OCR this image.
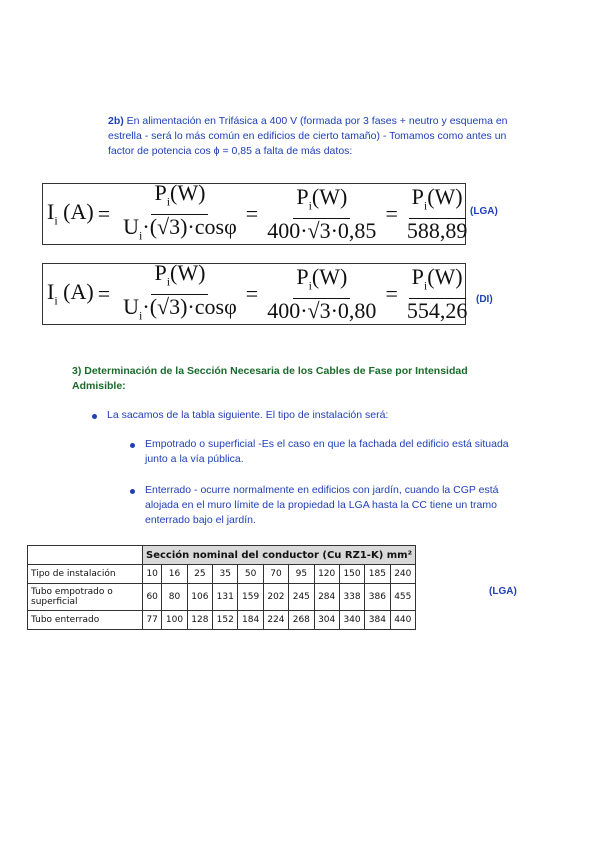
2b) En alimentación en Trifásica a 400 V (formada por 3 fases + neutro y esquema en estrella - será lo más común en edificios de cierto tamaño) - Tomamos como antes un factor de potencia cos ϕ = 0,85 a falta de más datos:
$I_i$ $(A) = \frac{P_i(W)}{U_i\cdot(√3)\cdot\cos\varphi} = \frac{P_i(W)}{400\cdot√3\cdot 0,85} = \frac{P_i(W)}{588,89} (LGA)$
$I_i$ $(A) = \frac{P_i(W)}{U_i\cdot(√3)\cdot\cos\varphi} = \frac{P_i(W)}{400\cdot√3\cdot 0,80} = \frac{P_i(W)}{554,26} (DI)$
3) Determinación de la Sección Necesaria de los Cables de Fase por Intensidad Admisible:
La sacamos de la tabla siguiente. El tipo de instalación será:
Empotrado o superficial -Es el caso en que la fachada del edificio está situada junto a la vía pública.
Enterrado - ocurre normalmente en edificios con jardín, cuando la CGP está alojada en el muro límite de la propiedad la LGA hasta la CC tiene un tramo enterrado bajo el jardín.
	Sección nominal del conductor (Cu RZ1-K) mm²										
Tipo de instalación	10	16	25	35	50	70	95	120	150	185	240
Tubo empotrado o superficial	60	80	106	131	159	202	245	284	338	386	455
Tubo enterrado	77	100	128	152	184	224	268	304	340	384	440
(LGA)
